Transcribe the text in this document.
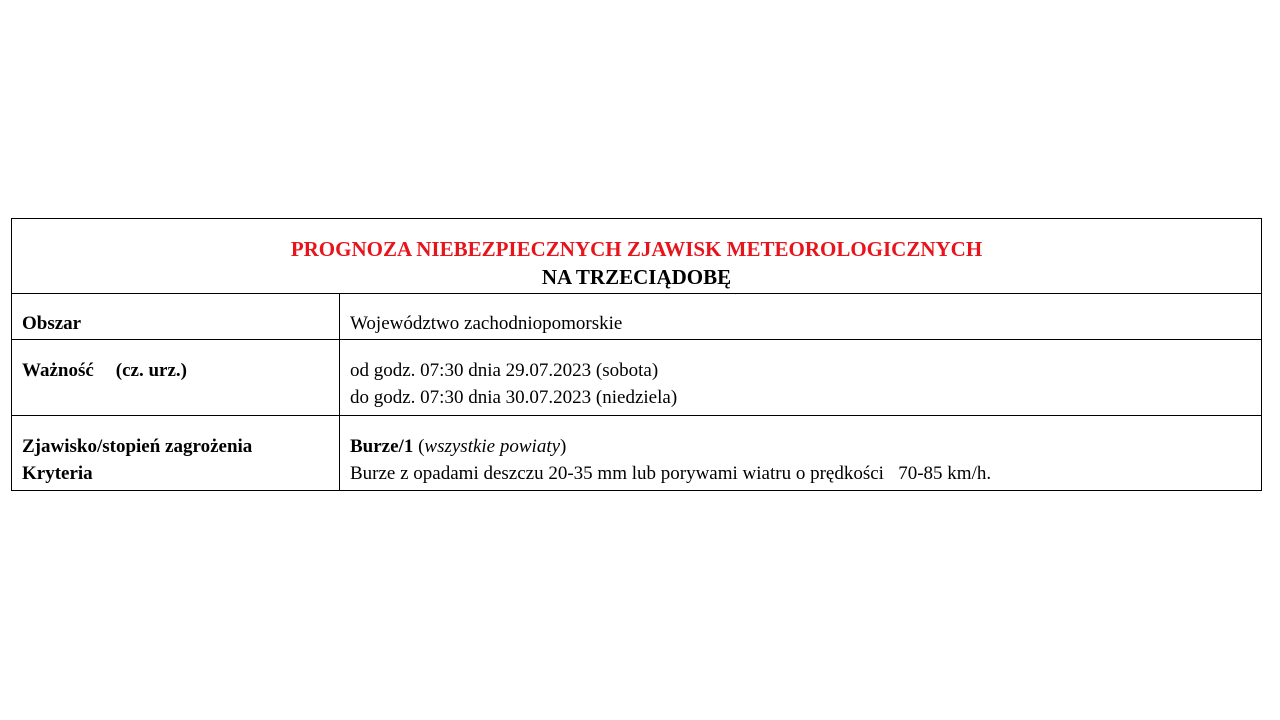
PROGNOZA NIEBEZPIECZNYCH ZJAWISK METEOROLOGICZNYCH
NA TRZECIĄDOBĘ	

Obszar	Województwo zachodniopomorskie
Ważność (cz. urz.)	od godz. 07:30 dnia 29.07.2023 (sobota)
do godz. 07:30 dnia 30.07.2023 (niedziela)

Zjawisko/stopień zagrożenia
Kryteria	Burze/1 (wszystkie powiaty)
Burze z opadami deszczu 20-35 mm lub porywami wiatru o prędkości   70-85 km/h.
